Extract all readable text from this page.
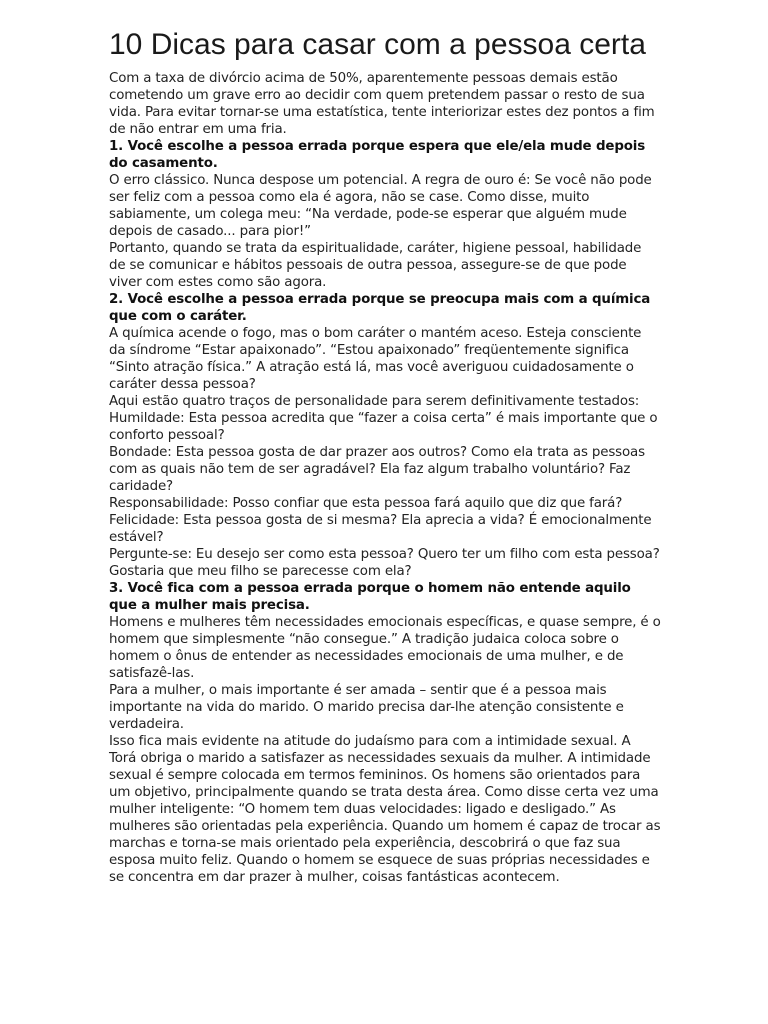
10 Dicas para casar com a pessoa certa

Com a taxa de divórcio acima de 50%, aparentemente pessoas demais estão cometendo um grave erro ao decidir com quem pretendem passar o resto de sua vida. Para evitar tornar-se uma estatística, tente interiorizar estes dez pontos a fim de não entrar em uma fria.

1. Você escolhe a pessoa errada porque espera que ele/ela mude depois do casamento.

O erro clássico. Nunca despose um potencial. A regra de ouro é: Se você não pode ser feliz com a pessoa como ela é agora, não se case. Como disse, muito sabiamente, um colega meu: “Na verdade, pode-se esperar que alguém mude depois de casado... para pior!”

Portanto, quando se trata da espiritualidade, caráter, higiene pessoal, habilidade de se comunicar e hábitos pessoais de outra pessoa, assegure-se de que pode viver com estes como são agora.

2. Você escolhe a pessoa errada porque se preocupa mais com a química que com o caráter.

A química acende o fogo, mas o bom caráter o mantém aceso. Esteja consciente da síndrome “Estar apaixonado”. “Estou apaixonado” freqüentemente significa “Sinto atração física.” A atração está lá, mas você averiguou cuidadosamente o caráter dessa pessoa?

Aqui estão quatro traços de personalidade para serem definitivamente testados:

Humildade: Esta pessoa acredita que “fazer a coisa certa” é mais importante que o conforto pessoal?

Bondade: Esta pessoa gosta de dar prazer aos outros? Como ela trata as pessoas com as quais não tem de ser agradável? Ela faz algum trabalho voluntário? Faz caridade?

Responsabilidade: Posso confiar que esta pessoa fará aquilo que diz que fará?

Felicidade: Esta pessoa gosta de si mesma? Ela aprecia a vida? É emocionalmente estável?

Pergunte-se: Eu desejo ser como esta pessoa? Quero ter um filho com esta pessoa? Gostaria que meu filho se parecesse com ela?

3. Você fica com a pessoa errada porque o homem não entende aquilo que a mulher mais precisa.

Homens e mulheres têm necessidades emocionais específicas, e quase sempre, é o homem que simplesmente “não consegue.” A tradição judaica coloca sobre o homem o ônus de entender as necessidades emocionais de uma mulher, e de satisfazê-las.

Para a mulher, o mais importante é ser amada – sentir que é a pessoa mais importante na vida do marido. O marido precisa dar-lhe atenção consistente e verdadeira.

Isso fica mais evidente na atitude do judaísmo para com a intimidade sexual. A Torá obriga o marido a satisfazer as necessidades sexuais da mulher. A intimidade sexual é sempre colocada em termos femininos. Os homens são orientados para um objetivo, principalmente quando se trata desta área. Como disse certa vez uma mulher inteligente: “O homem tem duas velocidades: ligado e desligado.” As mulheres são orientadas pela experiência. Quando um homem é capaz de trocar as marchas e torna-se mais orientado pela experiência, descobrirá o que faz sua esposa muito feliz. Quando o homem se esquece de suas próprias necessidades e se concentra em dar prazer à mulher, coisas fantásticas acontecem.
